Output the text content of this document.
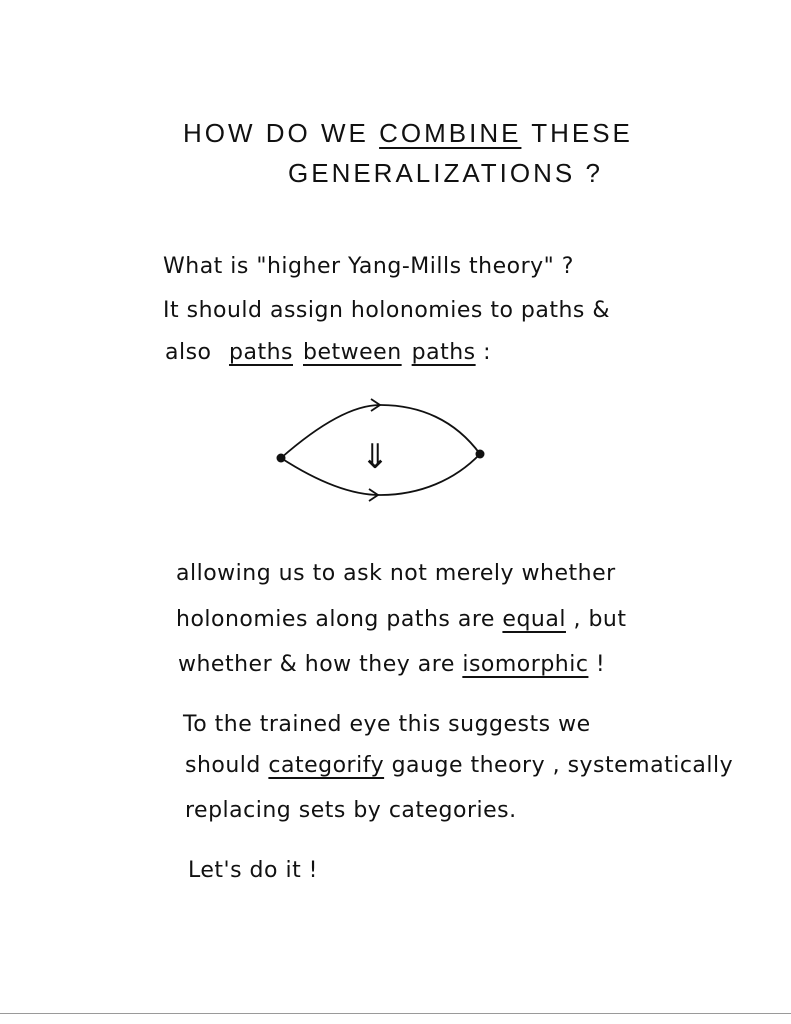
HOW DO WE COMBINE THESE
GENERALIZATIONS ?
What is "higher Yang-Mills theory" ?
It should assign holonomies to paths &
also paths between paths :
⇓
allowing us to ask not merely whether
holonomies along paths are equal , but
whether & how they are isomorphic !
To the trained eye this suggests we
should categorify gauge theory , systematically
replacing sets by categories.
Let's do it !
